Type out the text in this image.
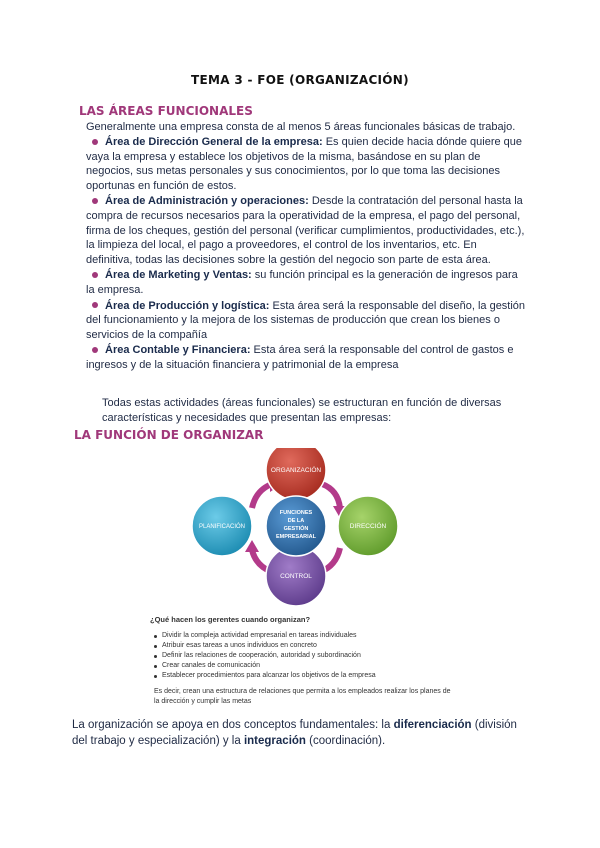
TEMA 3 - FOE (ORGANIZACIÓN)
LAS ÁREAS FUNCIONALES
Generalmente una empresa consta de al menos 5 áreas funcionales básicas de trabajo.
Área de Dirección General de la empresa: Es quien decide hacia dónde quiere que vaya la empresa y establece los objetivos de la misma, basándose en su plan de negocios, sus metas personales y sus conocimientos, por lo que toma las decisiones oportunas en función de estos.
Área de Administración y operaciones: Desde la contratación del personal hasta la compra de recursos necesarios para la operatividad de la empresa, el pago del personal, firma de los cheques, gestión del personal (verificar cumplimientos, productividades, etc.), la limpieza del local, el pago a proveedores, el control de los inventarios, etc. En definitiva, todas las decisiones sobre la gestión del negocio son parte de esta área.
Área de Marketing y Ventas: su función principal es la generación de ingresos para la empresa.
Área de Producción y logística: Esta área será la responsable del diseño, la gestión del funcionamiento y la mejora de los sistemas de producción que crean los bienes o servicios de la compañía
Área Contable y Financiera: Esta área será la responsable del control de gastos e ingresos y de la situación financiera y patrimonial de la empresa
Todas estas actividades (áreas funcionales) se estructuran en función de diversas características y necesidades que presentan las empresas:
LA FUNCIÓN DE ORGANIZAR
ORGANIZACIÓN
DIRECCIÓN
CONTROL
PLANIFICACIÓN
FUNCIONES
DE LA
GESTIÓN
EMPRESARIAL
¿Qué hacen los gerentes cuando organizan?
Dividir la compleja actividad empresarial en tareas individuales
Atribuir esas tareas a unos individuos en concreto
Definir las relaciones de cooperación, autoridad y subordinación
Crear canales de comunicación
Establecer procedimientos para alcanzar los objetivos de la empresa
Es decir, crean una estructura de relaciones que permita a los empleados realizar los planes de la dirección y cumplir las metas
La organización se apoya en dos conceptos fundamentales: la diferenciación (división del trabajo y especialización) y la integración (coordinación).
